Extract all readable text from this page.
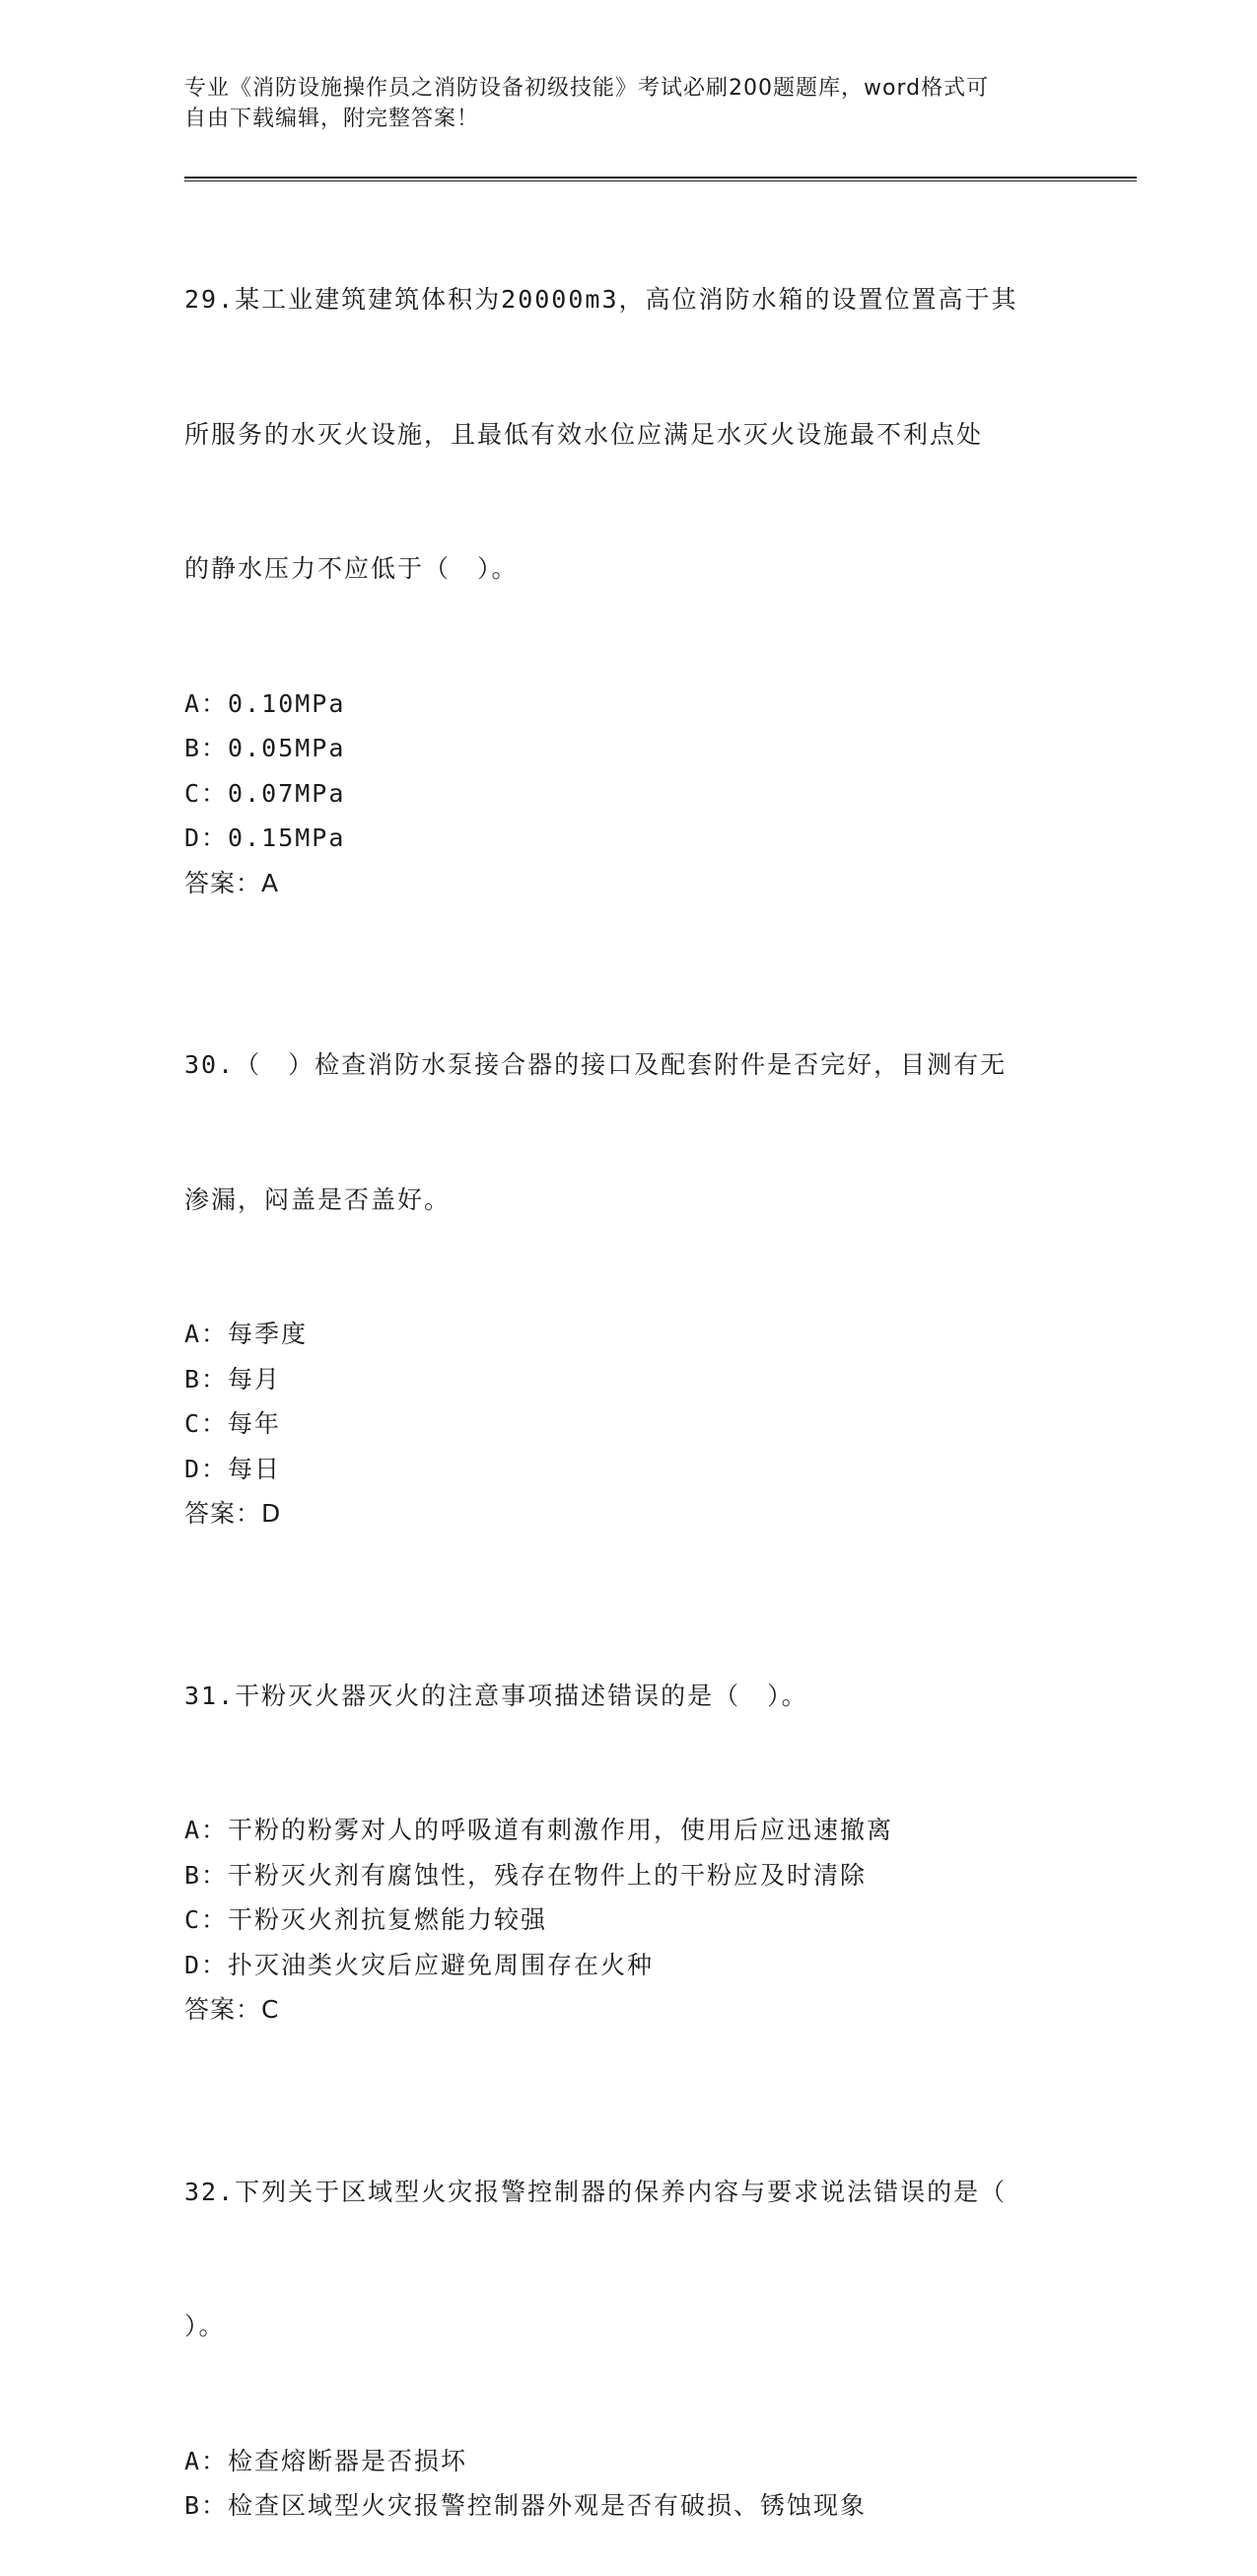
专业《消防设施操作员之消防设备初级技能》考试必刷200题题库，word格式可
自由下载编辑，附完整答案！

29.某工业建筑建筑体积为20000m3，高位消防水箱的设置位置高于其

所服务的水灭火设施，且最低有效水位应满足水灭火设施最不利点处

的静水压力不应低于（　）。

A：0.10MPa
B：0.05MPa
C：0.07MPa
D：0.15MPa
答案：A

30.（　）检查消防水泵接合器的接口及配套附件是否完好，目测有无

渗漏，闷盖是否盖好。

A：每季度
B：每月
C：每年
D：每日
答案：D

31.干粉灭火器灭火的注意事项描述错误的是（　）。

A：干粉的粉雾对人的呼吸道有刺激作用，使用后应迅速撤离
B：干粉灭火剂有腐蚀性，残存在物件上的干粉应及时清除
C：干粉灭火剂抗复燃能力较强
D：扑灭油类火灾后应避免周围存在火种
答案：C

32.下列关于区域型火灾报警控制器的保养内容与要求说法错误的是（

）。

A：检查熔断器是否损坏
B：检查区域型火灾报警控制器外观是否有破损、锈蚀现象
